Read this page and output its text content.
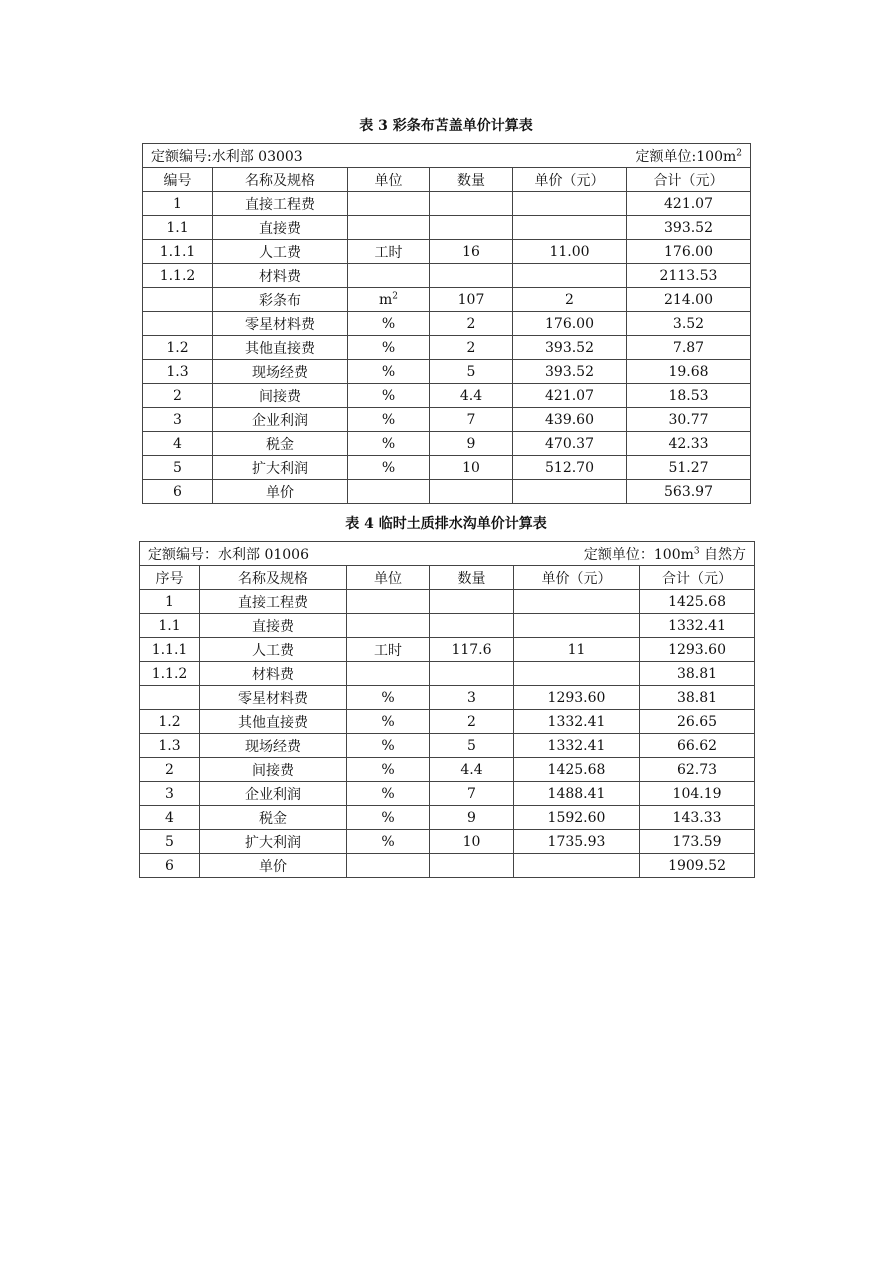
表 3 彩条布苫盖单价计算表
定额编号:水利部 03003 定额单位$:100m^2$

编号	名称及规格	单位	数量	单价（元）	合计（元）
1	直接工程费				421.07
1.1	直接费				393.52
1.1.1	人工费	工时	16	11.00	176.00
1.1.2	材料费				2113.53
	彩条布	$m^2$	107	2	214.00
	零星材料费	%	2	176.00	3.52
1.2	其他直接费	%	2	393.52	7.87
1.3	现场经费	%	5	393.52	19.68
2	间接费	%	4.4	421.07	18.53
3	企业利润	%	7	439.60	30.77
4	税金	%	9	470.37	42.33
5	扩大利润	%	10	512.70	51.27
6	单价				563.97
表 4 临时土质排水沟单价计算表
定额编号：水利部 01006 定额单位：$100m^3$ 自然方					

序号	名称及规格	单位	数量	单价（元）	合计（元）
1	直接工程费				1425.68
1.1	直接费				1332.41
1.1.1	人工费	工时	117.6	11	1293.60
1.1.2	材料费				38.81
	零星材料费	%	3	1293.60	38.81
1.2	其他直接费	%	2	1332.41	26.65
1.3	现场经费	%	5	1332.41	66.62
2	间接费	%	4.4	1425.68	62.73
3	企业利润	%	7	1488.41	104.19
4	税金	%	9	1592.60	143.33
5	扩大利润	%	10	1735.93	173.59
6	单价				1909.52
